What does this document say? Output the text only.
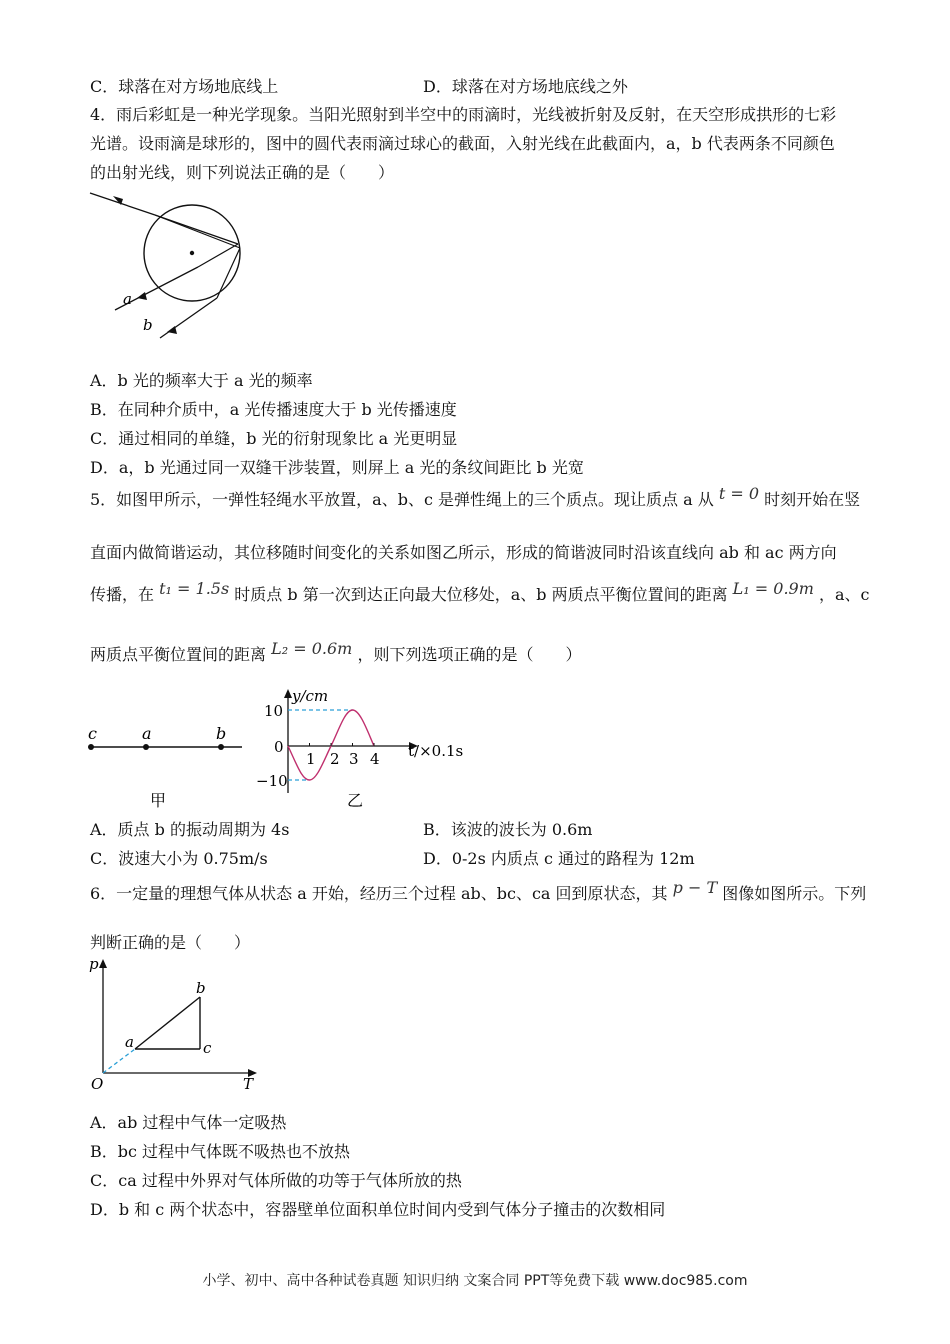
C．球落在对方场地底线上	D．球落在对方场地底线之外
4．雨后彩虹是一种光学现象。当阳光照射到半空中的雨滴时，光线被折射及反射，在天空形成拱形的七彩
光谱。设雨滴是球形的，图中的圆代表雨滴过球心的截面，入射光线在此截面内，a，b 代表两条不同颜色
的出射光线，则下列说法正确的是（　　）
a
b
A．b 光的频率大于 a 光的频率
B．在同种介质中，a 光传播速度大于 b 光传播速度
C．通过相同的单缝，b 光的衍射现象比 a 光更明显
D．a，b 光通过同一双缝干涉装置，则屏上 a 光的条纹间距比 b 光宽
5．如图甲所示，一弹性轻绳水平放置，a、b、c 是弹性绳上的三个质点。现让质点 a 从 t = 0 时刻开始在竖
直面内做简谐运动，其位移随时间变化的关系如图乙所示，形成的简谐波同时沿该直线向 ab 和 ac 两方向
传播，在 t₁ = 1.5s 时质点 b 第一次到达正向最大位移处，a、b 两质点平衡位置间的距离 L₁ = 0.9m ，a、c
两质点平衡位置间的距离 L₂ = 0.6m ，则下列选项正确的是（　　）
c	a	b
甲
y/cm
10
0
−10
1 2 3 4 t/×0.1s
乙
A．质点 b 的振动周期为 4s	B．该波的波长为 0.6m
C．波速大小为 0.75m/s	D．0-2s 内质点 c 通过的路程为 12m
6．一定量的理想气体从状态 a 开始，经历三个过程 ab、bc、ca 回到原状态，其 p − T 图像如图所示。下列
判断正确的是（　　）
p
T
O
a
b
c
A．ab 过程中气体一定吸热
B．bc 过程中气体既不吸热也不放热
C．ca 过程中外界对气体所做的功等于气体所放的热
D．b 和 c 两个状态中，容器壁单位面积单位时间内受到气体分子撞击的次数相同
小学、初中、高中各种试卷真题 知识归纳 文案合同 PPT等免费下载 www.doc985.com
